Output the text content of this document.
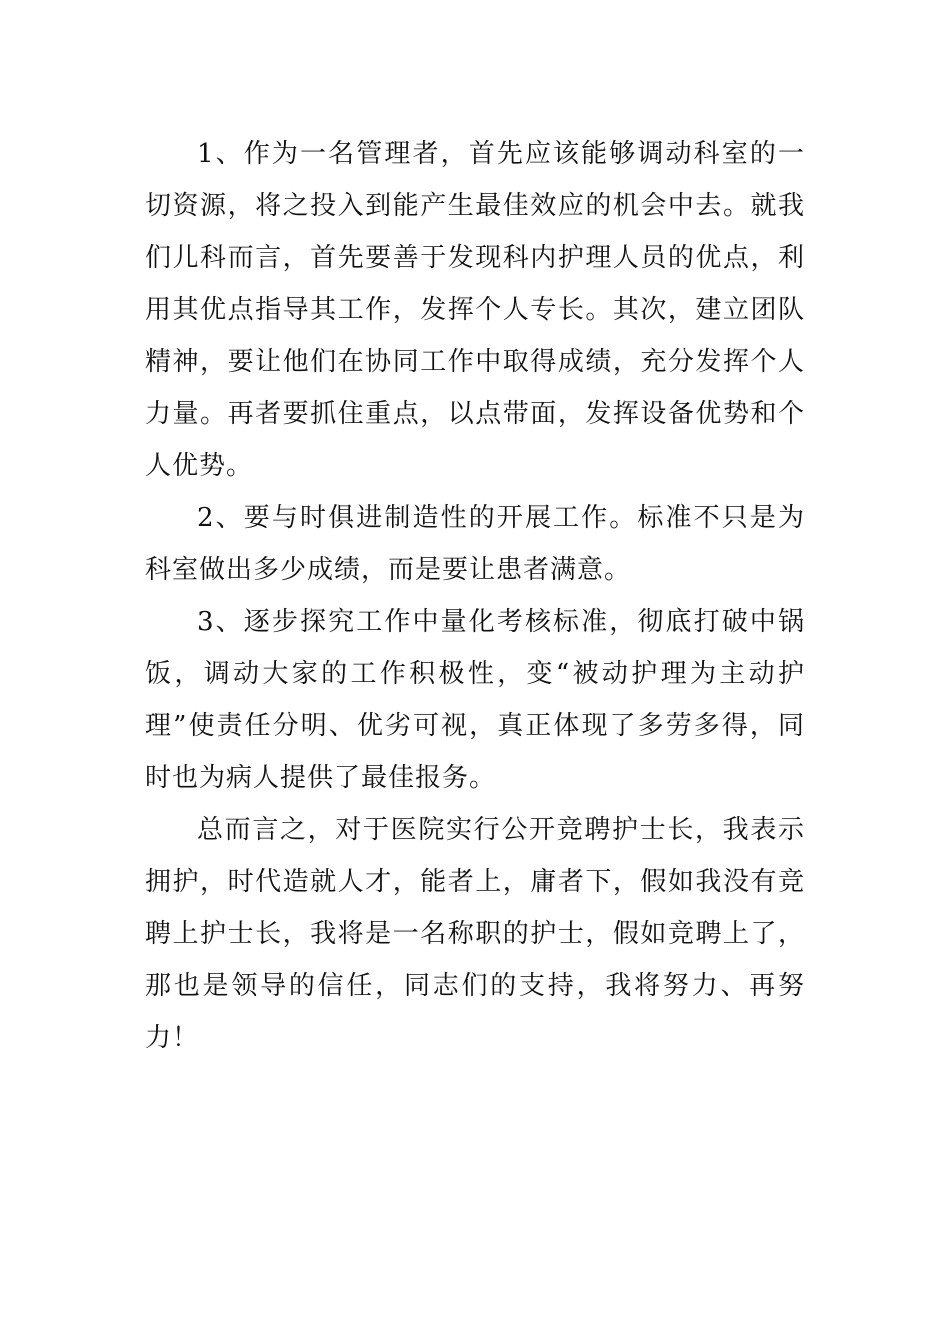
1、作为一名管理者，首先应该能够调动科室的一切资源，将之投入到能产生最佳效应的机会中去。就我们儿科而言，首先要善于发现科内护理人员的优点，利用其优点指导其工作，发挥个人专长。其次，建立团队精神，要让他们在协同工作中取得成绩，充分发挥个人力量。再者要抓住重点，以点带面，发挥设备优势和个人优势。

2、要与时俱进制造性的开展工作。标准不只是为科室做出多少成绩，而是要让患者满意。

3、逐步探究工作中量化考核标准，彻底打破中锅饭，调动大家的工作积极性，变“被动护理为主动护理”使责任分明、优劣可视，真正体现了多劳多得，同时也为病人提供了最佳报务。

总而言之，对于医院实行公开竞聘护士长，我表示拥护，时代造就人才，能者上，庸者下，假如我没有竞聘上护士长，我将是一名称职的护士，假如竞聘上了，那也是领导的信任，同志们的支持，我将努力、再努力！
